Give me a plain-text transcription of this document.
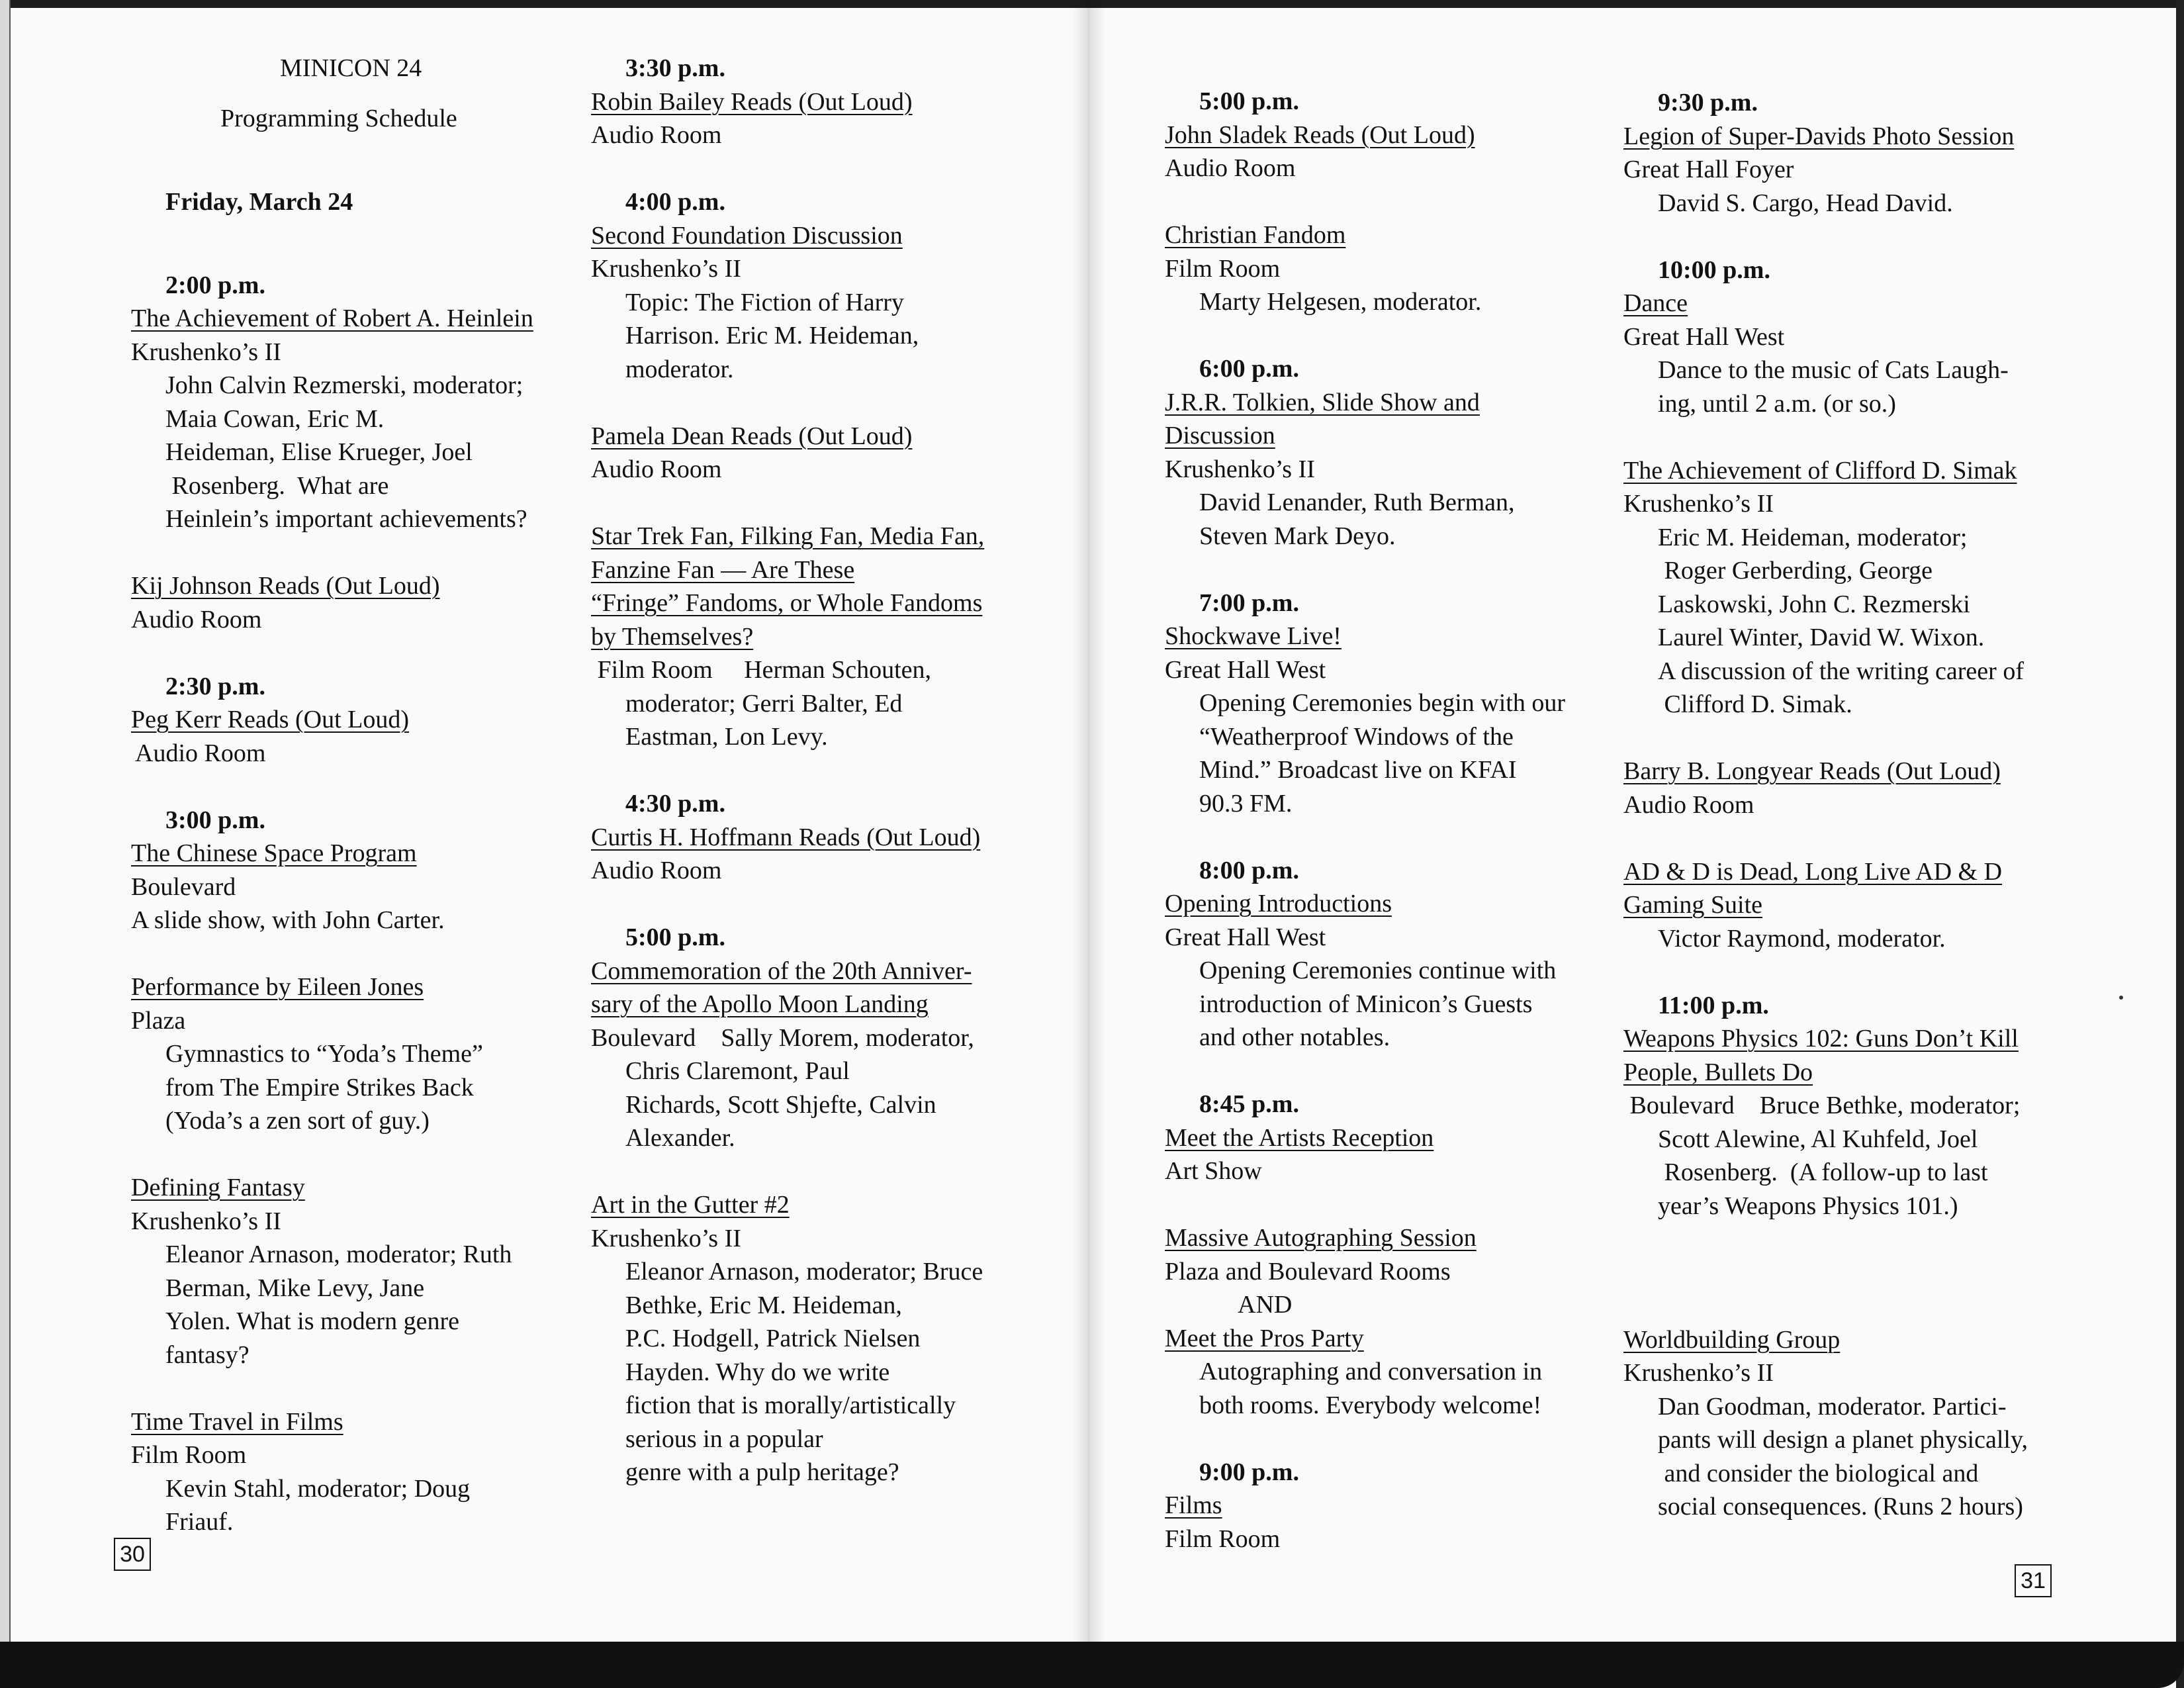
MINICON 24
Programming Schedule
Friday, March 24
2:00 p.m.
The Achievement of Robert A. Heinlein
Krushenko’s II
John Calvin Rezmerski, moderator;
Maia Cowan, Eric M.
Heideman, Elise Krueger, Joel
Rosenberg.  What are
Heinlein’s important achievements?
Kij Johnson Reads (Out Loud)
Audio Room
2:30 p.m.
Peg Kerr Reads (Out Loud)
Audio Room
3:00 p.m.
The Chinese Space Program
Boulevard
A slide show, with John Carter.
Performance by Eileen Jones
Plaza
Gymnastics to “Yoda’s Theme”
from The Empire Strikes Back
(Yoda’s a zen sort of guy.)
Defining Fantasy
Krushenko’s II
Eleanor Arnason, moderator; Ruth
Berman, Mike Levy, Jane
Yolen. What is modern genre
fantasy?
Time Travel in Films
Film Room
Kevin Stahl, moderator; Doug
Friauf.
3:30 p.m.
Robin Bailey Reads (Out Loud)
Audio Room
4:00 p.m.
Second Foundation Discussion
Krushenko’s II
Topic: The Fiction of Harry
Harrison. Eric M. Heideman,
moderator.
Pamela Dean Reads (Out Loud)
Audio Room
Star Trek Fan, Filking Fan, Media Fan,
Fanzine Fan — Are These
“Fringe” Fandoms, or Whole Fandoms
by Themselves?
Film Room     Herman Schouten,
moderator; Gerri Balter, Ed
Eastman, Lon Levy.
4:30 p.m.
Curtis H. Hoffmann Reads (Out Loud)
Audio Room
5:00 p.m.
Commemoration of the 20th Anniver-
sary of the Apollo Moon Landing
Boulevard    Sally Morem, moderator,
Chris Claremont, Paul
Richards, Scott Shjefte, Calvin
Alexander.
Art in the Gutter #2
Krushenko’s II
Eleanor Arnason, moderator; Bruce
Bethke, Eric M. Heideman,
P.C. Hodgell, Patrick Nielsen
Hayden. Why do we write
fiction that is morally/artistically
serious in a popular
genre with a pulp heritage?
5:00 p.m.
John Sladek Reads (Out Loud)
Audio Room
Christian Fandom
Film Room
Marty Helgesen, moderator.
6:00 p.m.
J.R.R. Tolkien, Slide Show and
Discussion
Krushenko’s II
David Lenander, Ruth Berman,
Steven Mark Deyo.
7:00 p.m.
Shockwave Live!
Great Hall West
Opening Ceremonies begin with our
“Weatherproof Windows of the
Mind.” Broadcast live on KFAI
90.3 FM.
8:00 p.m.
Opening Introductions
Great Hall West
Opening Ceremonies continue with
introduction of Minicon’s Guests
and other notables.
8:45 p.m.
Meet the Artists Reception
Art Show
Massive Autographing Session
Plaza and Boulevard Rooms
AND
Meet the Pros Party
Autographing and conversation in
both rooms. Everybody welcome!
9:00 p.m.
Films
Film Room
9:30 p.m.
Legion of Super-Davids Photo Session
Great Hall Foyer
David S. Cargo, Head David.
10:00 p.m.
Dance
Great Hall West
Dance to the music of Cats Laugh-
ing, until 2 a.m. (or so.)
The Achievement of Clifford D. Simak
Krushenko’s II
Eric M. Heideman, moderator;
Roger Gerberding, George
Laskowski, John C. Rezmerski
Laurel Winter, David W. Wixon.
A discussion of the writing career of
Clifford D. Simak.
Barry B. Longyear Reads (Out Loud)
Audio Room
AD & D is Dead, Long Live AD & D
Gaming Suite
Victor Raymond, moderator.
11:00 p.m.
Weapons Physics 102: Guns Don’t Kill
People, Bullets Do
Boulevard    Bruce Bethke, moderator;
Scott Alewine, Al Kuhfeld, Joel
Rosenberg.  (A follow-up to last
year’s Weapons Physics 101.)
Worldbuilding Group
Krushenko’s II
Dan Goodman, moderator. Partici-
pants will design a planet physically,
and consider the biological and
social consequences. (Runs 2 hours)
30
31
